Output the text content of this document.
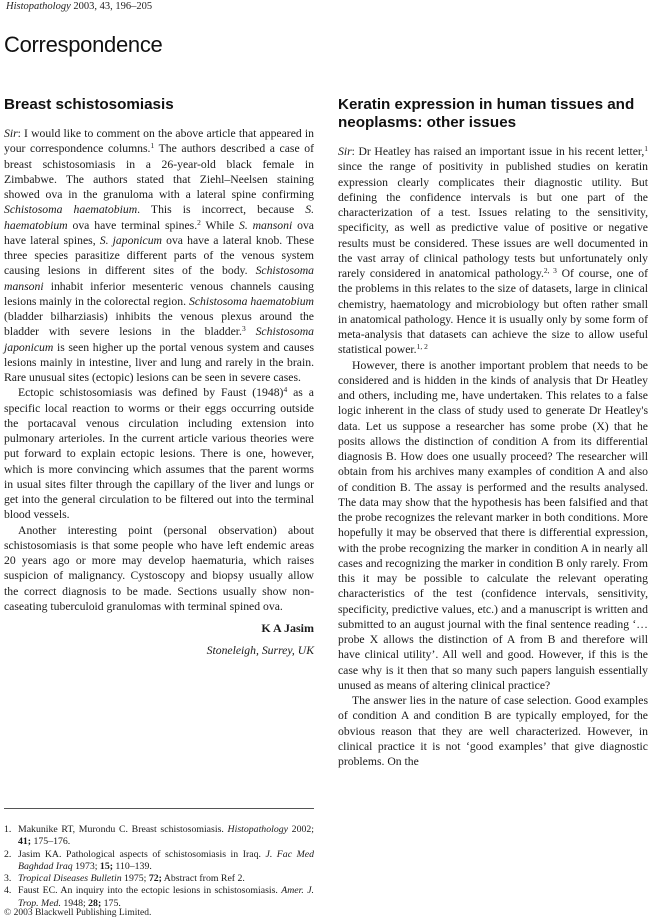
Histopathology 2003, 43, 196–205
Correspondence
Breast schistosomiasis

Sir: I would like to comment on the above article that appeared in your correspondence columns.$^1$ The authors described a case of breast schistosomiasis in a 26-year-old black female in Zimbabwe. The authors stated that Ziehl–Neelsen staining showed ova in the granuloma with a lateral spine confirming Schistosoma haematobium. This is incorrect, because S. haematobium ova have terminal spines.$^2$ While S. mansoni ova have lateral spines, S. japonicum ova have a lateral knob. These three species parasitize different parts of the venous system causing lesions in different sites of the body. Schistosoma mansoni inhabit inferior mesenteric venous channels causing lesions mainly in the colorectal region. Schistosoma haematobium (bladder bilharziasis) inhibits the venous plexus around the bladder with severe lesions in the bladder.$^3$ Schistosoma japonicum is seen higher up the portal venous system and causes lesions mainly in intestine, liver and lung and rarely in the brain. Rare unusual sites (ectopic) lesions can be seen in severe cases.

Ectopic schistosomiasis was defined by Faust $(1948)^4$ as a specific local reaction to worms or their eggs occurring outside the portacaval venous circulation including extension into pulmonary arterioles. In the current article various theories were put forward to explain ectopic lesions. There is one, however, which is more convincing which assumes that the parent worms in usual sites filter through the capillary of the liver and lungs or get into the general circulation to be filtered out into the terminal blood vessels.

Another interesting point (personal observation) about schistosomiasis is that some people who have left endemic areas 20 years ago or more may develop haematuria, which raises suspicion of malignancy. Cystoscopy and biopsy usually allow the correct diagnosis to be made. Sections usually show non-caseating tuberculoid granulomas with terminal spined ova.

K A Jasim
Stoneleigh, Surrey, UK
1. Makunike RT, Murondu C. Breast schistosomiasis. Histopathology 2002; 41; 175–176.
2. Jasim KA. Pathological aspects of schistosomiasis in Iraq. J. Fac Med Baghdad Iraq 1973; 15; 110–139.
3. Tropical Diseases Bulletin 1975; 72; Abstract from Ref 2.
4. Faust EC. An inquiry into the ectopic lesions in schistosomiasis. Amer. J. Trop. Med. 1948; 28; 175.
© 2003 Blackwell Publishing Limited.
Keratin expression in human tissues and neoplasms: other issues

Sir: Dr Heatley has raised an important issue in his recent letter,$^1$ since the range of positivity in published studies on keratin expression clearly complicates their diagnostic utility. But defining the confidence intervals is but one part of the characterization of a test. Issues relating to the sensitivity, specificity, as well as predictive value of positive or negative results must be considered. These issues are well documented in the vast array of clinical pathology tests but unfortunately only rarely considered in anatomical pathology.$^{2, 3}$ Of course, one of the problems in this relates to the size of datasets, large in clinical chemistry, haematology and microbiology but often rather small in anatomical pathology. Hence it is usually only by some form of meta-analysis that datasets can achieve the size to allow useful statistical power.$^{1, 2}$

However, there is another important problem that needs to be considered and is hidden in the kinds of analysis that Dr Heatley and others, including me, have undertaken. This relates to a false logic inherent in the class of study used to generate Dr Heatley's data. Let us suppose a researcher has some probe (X) that he posits allows the distinction of condition A from its differential diagnosis B. How does one usually proceed? The researcher will obtain from his archives many examples of condition A and also of condition B. The assay is performed and the results analysed. The data may show that the hypothesis has been falsified and that the probe recognizes the relevant marker in both conditions. More hopefully it may be observed that there is differential expression, with the probe recognizing the marker in condition A in nearly all cases and recognizing the marker in condition B only rarely. From this it may be possible to calculate the relevant operating characteristics of the test (confidence intervals, sensitivity, specificity, predictive values, etc.) and a manuscript is written and submitted to an august journal with the final sentence reading ‘… probe X allows the distinction of A from B and therefore will have clinical utility’. All well and good. However, if this is the case why is it then that so many such papers languish essentially unused as means of altering clinical practice?

The answer lies in the nature of case selection. Good examples of condition A and condition B are typically employed, for the obvious reason that they are well characterized. However, in clinical practice it is not ‘good examples’ that give diagnostic problems. On the
